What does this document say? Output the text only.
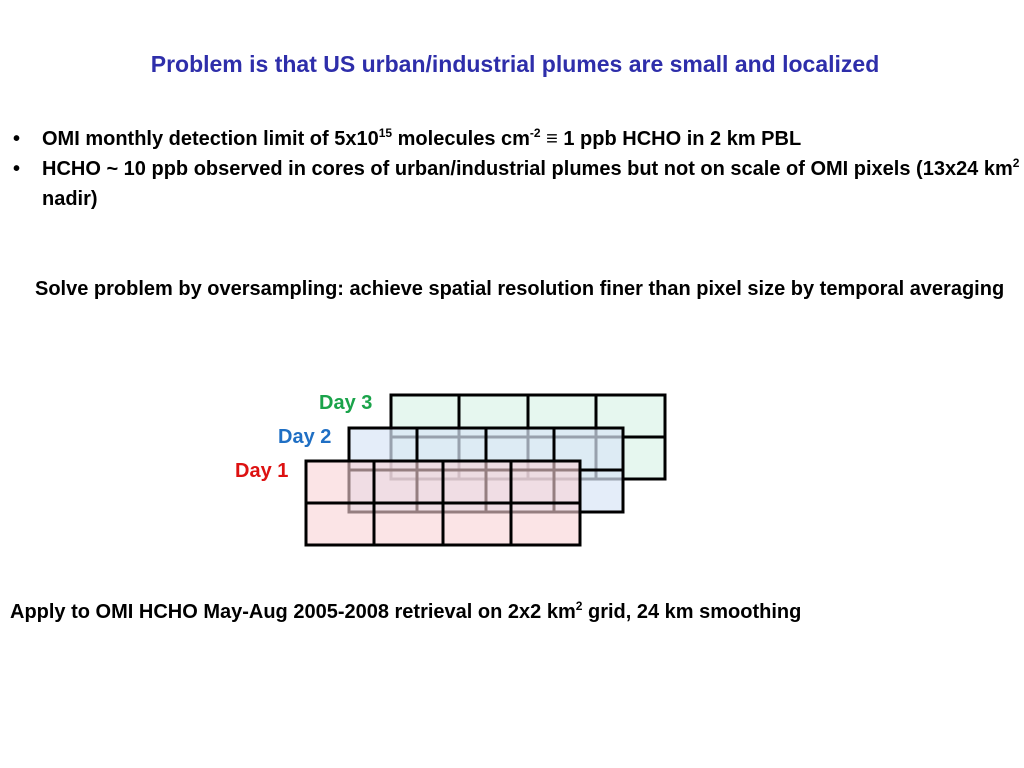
Problem is that US urban/industrial plumes are small and localized
• OMI monthly detection limit of $5x10^{15}$ molecules $cm^{-2} \equiv 1$ ppb HCHO in 2 km PBL
• HCHO ~ 10 ppb observed in cores of urban/industrial plumes but not on scale of OMI pixels (13x24 $km^2$ nadir)

Solve problem by oversampling: achieve spatial resolution finer than pixel size by temporal averaging

Day 3
Day 2
Day 1

Apply to OMI HCHO May-Aug 2005-2008 retrieval on 2x2 $km^2$ grid, 24 km smoothing
